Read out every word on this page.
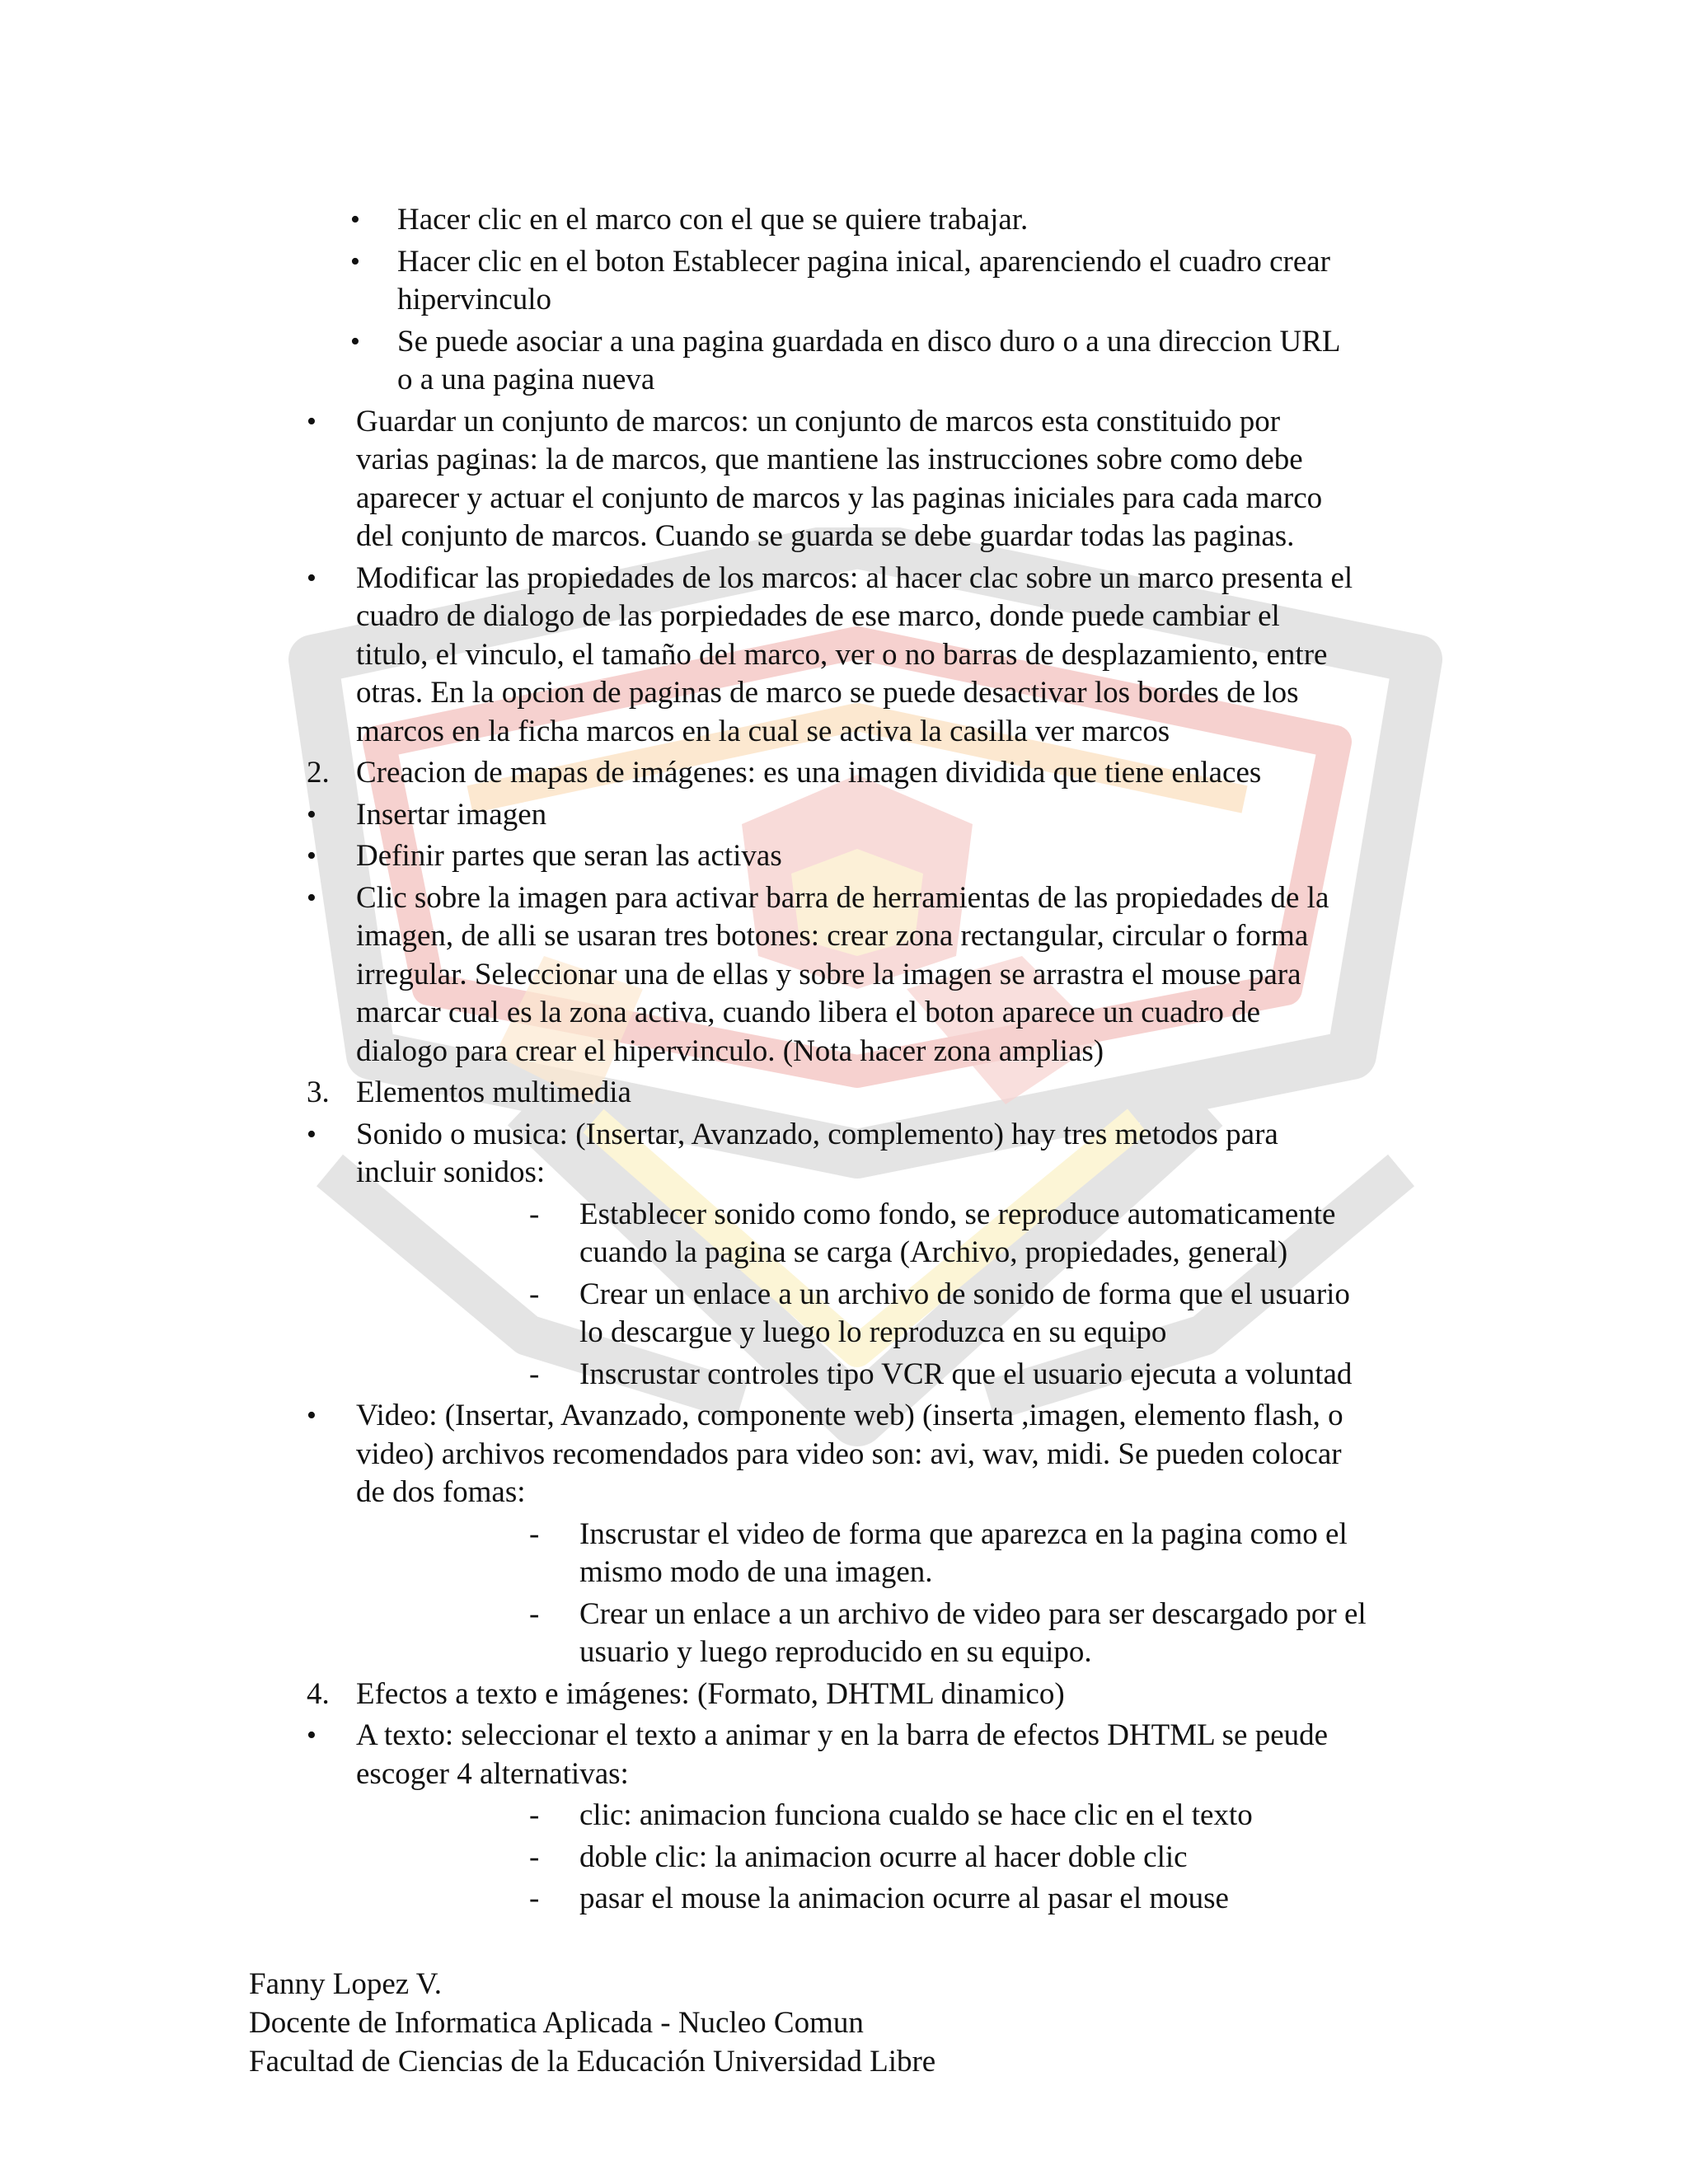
• Hacer clic en el marco con el que se quiere trabajar.
• Hacer clic en el boton Establecer pagina inical, aparenciendo el cuadro crear
hipervinculo
• Se puede asociar a una pagina guardada en disco duro o a una direccion URL
o a una pagina nueva
• Guardar un conjunto de marcos: un conjunto de marcos esta constituido por
varias paginas: la de marcos, que mantiene las instrucciones sobre como debe
aparecer y actuar el conjunto de marcos y las paginas iniciales para cada marco
del conjunto de marcos. Cuando se guarda se debe guardar todas las paginas.
• Modificar las propiedades de los marcos: al hacer clac sobre un marco presenta el
cuadro de dialogo de las porpiedades de ese marco, donde puede cambiar el
titulo, el vinculo, el tamaño del marco, ver o no barras de desplazamiento, entre
otras. En la opcion de paginas de marco se puede desactivar los bordes de los
marcos en la ficha marcos en la cual se activa la casilla ver marcos
2. Creacion de mapas de imágenes: es una imagen dividida que tiene enlaces
• Insertar imagen
• Definir partes que seran las activas
• Clic sobre la imagen para activar barra de herramientas de las propiedades de la
imagen, de alli se usaran tres botones: crear zona rectangular, circular o forma
irregular. Seleccionar una de ellas y sobre la imagen se arrastra el mouse para
marcar cual es la zona activa, cuando libera el boton aparece un cuadro de
dialogo para crear el hipervinculo. (Nota hacer zona amplias)
3. Elementos multimedia
• Sonido o musica: (Insertar, Avanzado, complemento) hay tres metodos para
incluir sonidos:
- Establecer sonido como fondo, se reproduce automaticamente
cuando la pagina se carga (Archivo, propiedades, general)
- Crear un enlace a un archivo de sonido de forma que el usuario
lo descargue y luego lo reproduzca en su equipo
- Inscrustar controles tipo VCR que el usuario ejecuta a voluntad
• Video: (Insertar, Avanzado, componente web) (inserta ,imagen, elemento flash, o
video) archivos recomendados para video son: avi, wav, midi. Se pueden colocar
de dos fomas:
- Inscrustar el video de forma que aparezca en la pagina como el
mismo modo de una imagen.
- Crear un enlace a un archivo de video para ser descargado por el
usuario y luego reproducido en su equipo.
4. Efectos a texto e imágenes: (Formato, DHTML dinamico)
• A texto: seleccionar el texto a animar y en la barra de efectos DHTML se peude
escoger 4 alternativas:
- clic: animacion funciona cualdo se hace clic en el texto
- doble clic: la animacion ocurre al hacer doble clic
- pasar el mouse la animacion ocurre al pasar el mouse
Fanny Lopez V.
Docente de Informatica Aplicada - Nucleo Comun
Facultad de Ciencias de la Educación Universidad Libre
